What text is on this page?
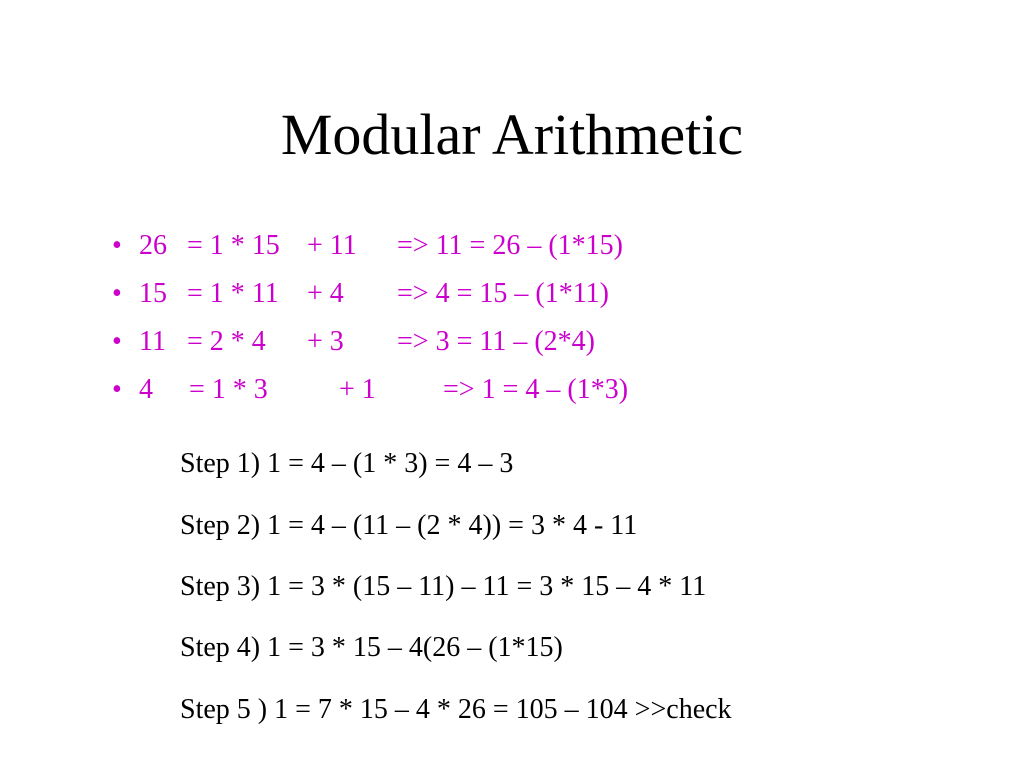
Modular Arithmetic
• 26 = 1 * 15 + 11 => 11 = 26 – (1*15)
• 15 = 1 * 11 + 4 => 4 = 15 – (1*11)
• 11 = 2 * 4 + 3 => 3 = 11 – (2*4)
• 4 = 1 * 3	+ 1 => 1 = 4 – (1*3)
Step 1) 1 = 4 – (1 * 3) = 4 – 3
Step 2) 1 = 4 – (11 – (2 * 4)) = 3 * 4 - 11
Step 3) 1 = 3 * (15 – 11) – 11 = 3 * 15 – 4 * 11
Step 4) 1 = 3 * 15 – 4(26 – (1*15)
Step 5 ) 1 = 7 * 15 – 4 * 26 = 105 – 104 >>check
